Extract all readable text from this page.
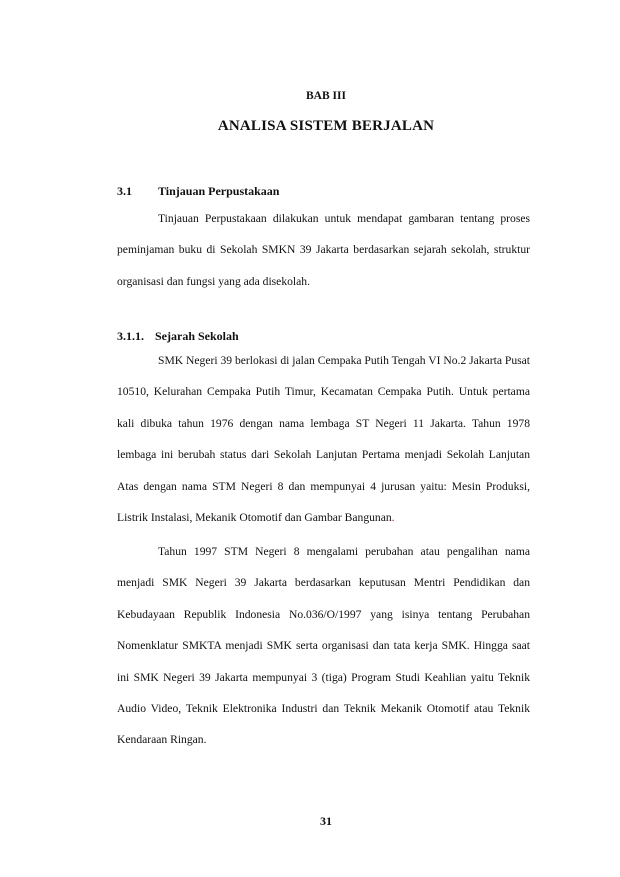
BAB III

ANALISA SISTEM BERJALAN

3.1	Tinjauan Perpustakaan

Tinjauan Perpustakaan dilakukan untuk mendapat gambaran tentang proses peminjaman buku di Sekolah SMKN 39 Jakarta berdasarkan sejarah sekolah, struktur organisasi dan fungsi yang ada disekolah.

3.1.1. Sejarah Sekolah

SMK Negeri 39 berlokasi di jalan Cempaka Putih Tengah VI No.2 Jakarta Pusat 10510, Kelurahan Cempaka Putih Timur, Kecamatan Cempaka Putih. Untuk pertama kali dibuka tahun 1976 dengan nama lembaga ST Negeri 11 Jakarta. Tahun 1978 lembaga ini berubah status dari Sekolah Lanjutan Pertama menjadi Sekolah Lanjutan Atas dengan nama STM Negeri 8 dan mempunyai 4 jurusan yaitu: Mesin Produksi, Listrik Instalasi, Mekanik Otomotif dan Gambar Bangunan.

Tahun 1997 STM Negeri 8 mengalami perubahan atau pengalihan nama menjadi SMK Negeri 39 Jakarta berdasarkan keputusan Mentri Pendidikan dan Kebudayaan Republik Indonesia No.036/O/1997 yang isinya tentang Perubahan Nomenklatur SMKTA menjadi SMK serta organisasi dan tata kerja SMK. Hingga saat ini SMK Negeri 39 Jakarta mempunyai 3 (tiga) Program Studi Keahlian yaitu Teknik Audio Video, Teknik Elektronika Industri dan Teknik Mekanik Otomotif atau Teknik Kendaraan Ringan.

31
